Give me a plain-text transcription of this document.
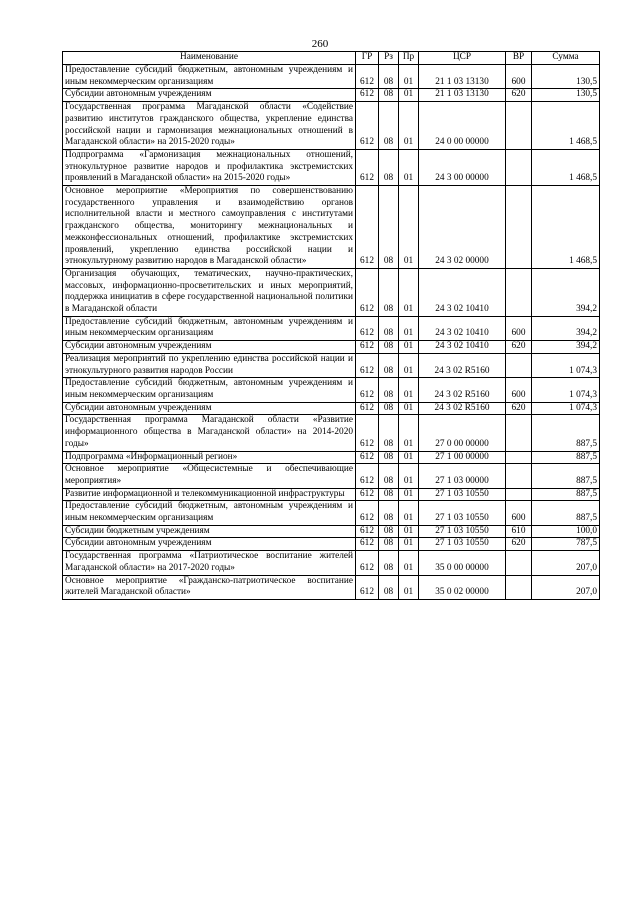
260
Наименование	ГР	Рз	Пр	ЦСР	ВР	Сумма
Предоставление субсидий бюджетным, автономным учреждениям и иным некоммерческим организациям	612	08	01	21 1 03 13130	600	130,5
Субсидии автономным учреждениям	612	08	01	21 1 03 13130	620	130,5
Государственная программа Магаданской области «Содействие развитию институтов гражданского общества, укрепление единства российской нации и гармонизация межнациональных отношений в Магаданской области» на 2015-2020 годы»	612	08	01	24 0 00 00000		1 468,5
Подпрограмма «Гармонизация межнациональных отношений, этнокультурное развитие народов и профилактика экстремистских проявлений в Магаданской области» на 2015-2020 годы»	612	08	01	24 3 00 00000		1 468,5
Основное мероприятие «Мероприятия по совершенствованию государственного управления и взаимодействию органов исполнительной власти и местного самоуправления с институтами гражданского общества, мониторингу межнациональных и межконфессиональных отношений, профилактике экстремистских проявлений, укреплению единства российской нации и этнокультурному развитию народов в Магаданской области»	612	08	01	24 3 02 00000		1 468,5
Организация обучающих, тематических, научно-практических, массовых, информационно-просветительских и иных мероприятий, поддержка инициатив в сфере государственной национальной политики в Магаданской области	612	08	01	24 3 02 10410		394,2
Предоставление субсидий бюджетным, автономным учреждениям и иным некоммерческим организациям	612	08	01	24 3 02 10410	600	394,2
Субсидии автономным учреждениям	612	08	01	24 3 02 10410	620	394,2
Реализация мероприятий по укреплению единства российской нации и этнокультурного развития народов России	612	08	01	24 3 02 R5160		1 074,3
Предоставление субсидий бюджетным, автономным учреждениям и иным некоммерческим организациям	612	08	01	24 3 02 R5160	600	1 074,3
Субсидии автономным учреждениям	612	08	01	24 3 02 R5160	620	1 074,3
Государственная программа Магаданской области «Развитие информационного общества в Магаданской области» на 2014-2020 годы»	612	08	01	27 0 00 00000		887,5
Подпрограмма «Информационный регион»	612	08	01	27 1 00 00000		887,5
Основное мероприятие «Общесистемные и обеспечивающие мероприятия»	612	08	01	27 1 03 00000		887,5
Развитие информационной и телекоммуникационной инфраструктуры	612	08	01	27 1 03 10550		887,5
Предоставление субсидий бюджетным, автономным учреждениям и иным некоммерческим организациям	612	08	01	27 1 03 10550	600	887,5
Субсидии бюджетным учреждениям	612	08	01	27 1 03 10550	610	100,0
Субсидии автономным учреждениям	612	08	01	27 1 03 10550	620	787,5
Государственная программа «Патриотическое воспитание жителей Магаданской области» на 2017-2020 годы»	612	08	01	35 0 00 00000		207,0
Основное мероприятие «Гражданско-патриотическое воспитание жителей Магаданской области»	612	08	01	35 0 02 00000		207,0
